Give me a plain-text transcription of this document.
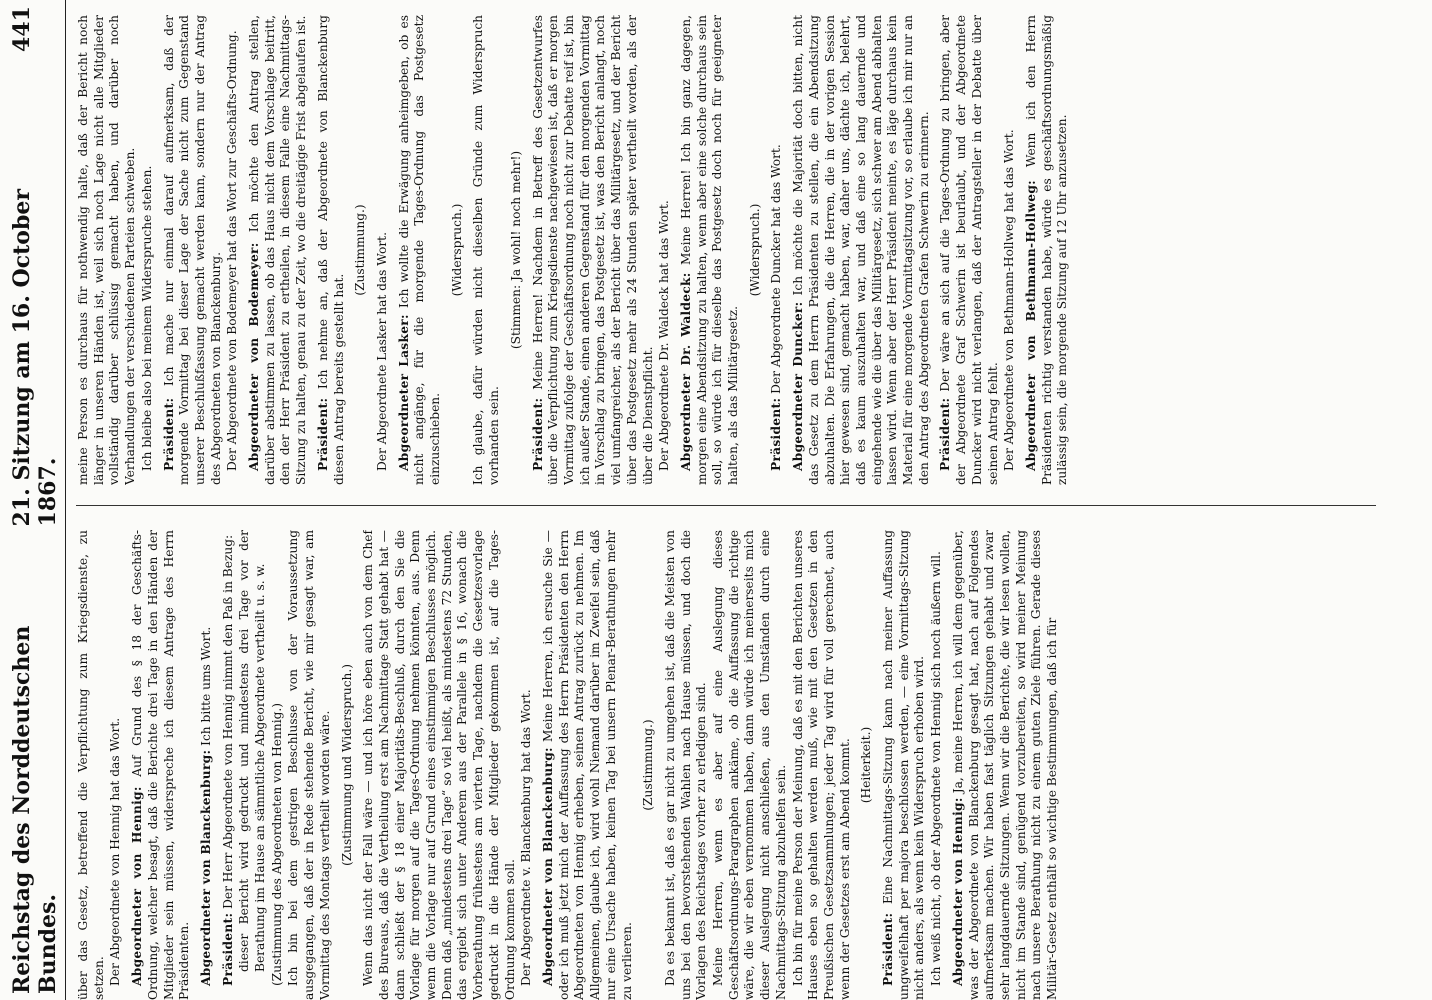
Reichstag des Norddeutschen Bundes.
21. Sitzung am 16. October 1867.
441

über das Gesetz, betreffend die Verpflichtung zum Kriegsdienste, zu setzen. Der Abgeordnete von Hennig hat das Wort. Abgeordneter von Hennig: Auf Grund des § 18 der Geschäfts-Ordnung, welcher besagt, daß die Berichte drei Tage in den Händen der Mitglieder sein müssen, widerspreche ich diesem Antrage des Herrn Präsidenten. Abgeordneter von Blanckenburg: Ich bitte ums Wort.

Präsident: Der Herr Abgeordnete von Hennig nimmt den Paß in Bezug: dieser Bericht wird gedruckt und mindestens drei Tage vor der Berathung im Hause an sämmtliche Abgeordnete vertheilt u. s. w. (Zustimmung des Abgeordneten von Hennig.) Ich bin bei dem gestrigen Beschlusse von der Voraussetzung ausgegangen, daß der in Rede stehende Bericht, wie mir gesagt war, am Vormittag des Montags vertheilt worden wäre. (Zustimmung und Widerspruch.) Wenn das nicht der Fall wäre — und ich höre eben auch von dem Chef des Bureaus, daß die Vertheilung erst am Nachmittage Statt gehabt hat — dann schließt der § 18 einer Majoritäts-Beschluß, durch den Sie die Vorlage für morgen auf die Tages-Ordnung nehmen könnten, aus. Denn wenn die Vorlage nur auf Grund eines einstimmigen Beschlusses möglich. Denn daß „mindestens drei Tage“ so viel heißt, als mindestens 72 Stunden, das ergiebt sich unter Anderem aus der Parallele in § 16, wonach die Vorberathung frühestens am vierten Tage, nachdem die Gesetzesvorlage gedruckt in die Hände der Mitglieder gekommen ist, auf die Tages-Ordnung kommen soll. Der Abgeordnete v. Blanckenburg hat das Wort. Abgeordneter von Blanckenburg: Meine Herren, ich ersuche Sie — oder ich muß jetzt mich der Auffassung des Herrn Präsidenten den Herrn Abgeordneten von Hennig erheben, seinen Antrag zurück zu nehmen. Im Allgemeinen, glaube ich, wird wohl Niemand darüber im Zweifel sein, daß nur eine Ursache haben, keinen Tag bei unsern Plenar-Berathungen mehr zu verlieren.

(Zustimmung.) Da es bekannt ist, daß es gar nicht zu umgehen ist, daß die Meisten von uns bei den bevorstehenden Wahlen nach Hause müssen, und doch die Vorlagen des Reichstages vorher zu erledigen sind. Meine Herren, wenn es aber auf eine Auslegung dieses Geschäftsordnungs-Paragraphen ankäme, ob die Auffassung die richtige wäre, die wir eben vernommen haben, dann würde ich meinerseits mich dieser Auslegung nicht anschließen, aus den Umständen durch eine Nachmittags-Sitzung abzuhelfen sein. Ich bin für meine Person der Meinung, daß es mit den Berichten unseres Hauses eben so gehalten werden muß, wie mit den Gesetzen in den Preußischen Gesetzsammlungen; jeder Tag wird für voll gerechnet, auch wenn der Gesetzes erst am Abend kommt. (Heiterkeit.)

Präsident: Eine Nachmittags-Sitzung kann nach meiner Auffassung ungweifelhaft per majora beschlossen werden, — eine Vormittags-Sitzung nicht anders, als wenn kein Widerspruch erhoben wird. Ich weiß nicht, ob der Abgeordnete von Hennig sich noch äußern will. Abgeordneter von Hennig: Ja, meine Herren, ich will dem gegenüber, was der Abgeordnete von Blanckenburg gesagt hat, nach auf Folgendes aufmerksam machen. Wir haben fast täglich Sitzungen gehabt und zwar sehr langdauernde Sitzungen. Wenn wir die Berichte, die wir lesen wollen, nicht im Stande sind, genügend vorzubereiten, so wird meiner Meinung nach unsere Berathung nicht zu einem guten Ziele führen. Gerade dieses Militär-Gesetz enthält so wichtige Bestimmungen, daß ich für

meine Person es durchaus für nothwendig halte, daß der Bericht noch länger in unseren Händen ist, weil sich noch Lage nicht alle Mitglieder vollständig darüber schlüssig gemacht haben, und darüber noch Verhandlungen der verschiedenen Parteien schweben. Ich bleibe also bei meinem Widerspruche stehen. Präsident: Ich mache nur einmal darauf aufmerksam, daß der morgende Vormittag bei dieser Lage der Sache nicht zum Gegenstand unserer Beschlußfassung gemacht werden kann, sondern nur der Antrag des Abgeordneten von Blanckenburg. Der Abgeordnete von Bodemeyer hat das Wort zur Geschäfts-Ordnung. Abgeordneter von Bodemeyer: Ich möchte den Antrag stellen, darüber abstimmen zu lassen, ob das Haus nicht dem Vorschlage beitritt, den der Herr Präsident zu ertheilen, in diesem Falle eine Nachmittags-Sitzung zu halten, genau zu der Zeit, wo die dreitägige Frist abgelaufen ist. Präsident: Ich nehme an, daß der Abgeordnete von Blanckenburg diesen Antrag bereits gestellt hat.

(Zustimmung.) Der Abgeordnete Lasker hat das Wort. Abgeordneter Lasker: Ich wollte die Erwägung anheimgeben, ob es nicht angänge, für die morgende Tages-Ordnung das Postgesetz einzuschieben.

(Widerspruch.) Ich glaube, dafür würden nicht dieselben Gründe zum Widerspruch vorhanden sein.

(Stimmen: Ja wohl! noch mehr!)

Präsident: Meine Herren! Nachdem in Betreff des Gesetzentwurfes über die Verpflichtung zum Kriegsdienste nachgewiesen ist, daß er morgen Vormittag zufolge der Geschäftsordnung noch nicht zur Debatte reif ist, bin ich außer Stande, einen anderen Gegenstand für den morgenden Vormittag in Vorschlag zu bringen, das Postgesetz ist, was den Bericht anlangt, noch viel umfangreicher, als der Bericht über das Militärgesetz, und der Bericht über das Postgesetz mehr als 24 Stunden später vertheilt worden, als der über die Dienstpflicht. Der Abgeordnete Dr. Waldeck hat das Wort. Abgeordneter Dr. Waldeck: Meine Herren! Ich bin ganz dagegen, morgen eine Abendsitzung zu halten, wenn aber eine solche durchaus sein soll, so würde ich für dieselbe das Postgesetz doch noch für geeigneter halten, als das Militärgesetz.

(Widerspruch.)

Präsident: Der Abgeordnete Duncker hat das Wort. Abgeordneter Duncker: Ich möchte die Majorität doch bitten, nicht das Gesetz zu dem Herrn Präsidenten zu stellen, die ein Abendsitzung abzuhalten. Die Erfahrungen, die die Herren, die in der vorigen Session hier gewesen sind, gemacht haben, war, daher uns, dächte ich, belehrt, daß es kaum auszuhalten war, und daß eine so lang dauernde und eingehende wie die über das Militärgesetz, sich schwer am Abend abhalten lassen wird. Wenn aber der Herr Präsident meinte, es läge durchaus kein Material für eine morgende Vormittagsitzung vor, so erlaube ich mir nur an den Antrag des Abgeordneten Grafen Schwerin zu erinnern. Präsident: Der wäre an sich auf die Tages-Ordnung zu bringen, aber der Abgeordnete Graf Schwerin ist beurlaubt, und der Abgeordnete Duncker wird nicht verlangen, daß der Antragsteller in der Debatte über seinen Antrag fehlt. Der Abgeordnete von Bethmann-Hollweg hat das Wort. Abgeordneter von Bethmann-Hollweg: Wenn ich den Herrn Präsidenten richtig verstanden habe, würde es geschäftsordnungsmäßig zulässig sein, die morgende Sitzung auf 12 Uhr anzusetzen.
